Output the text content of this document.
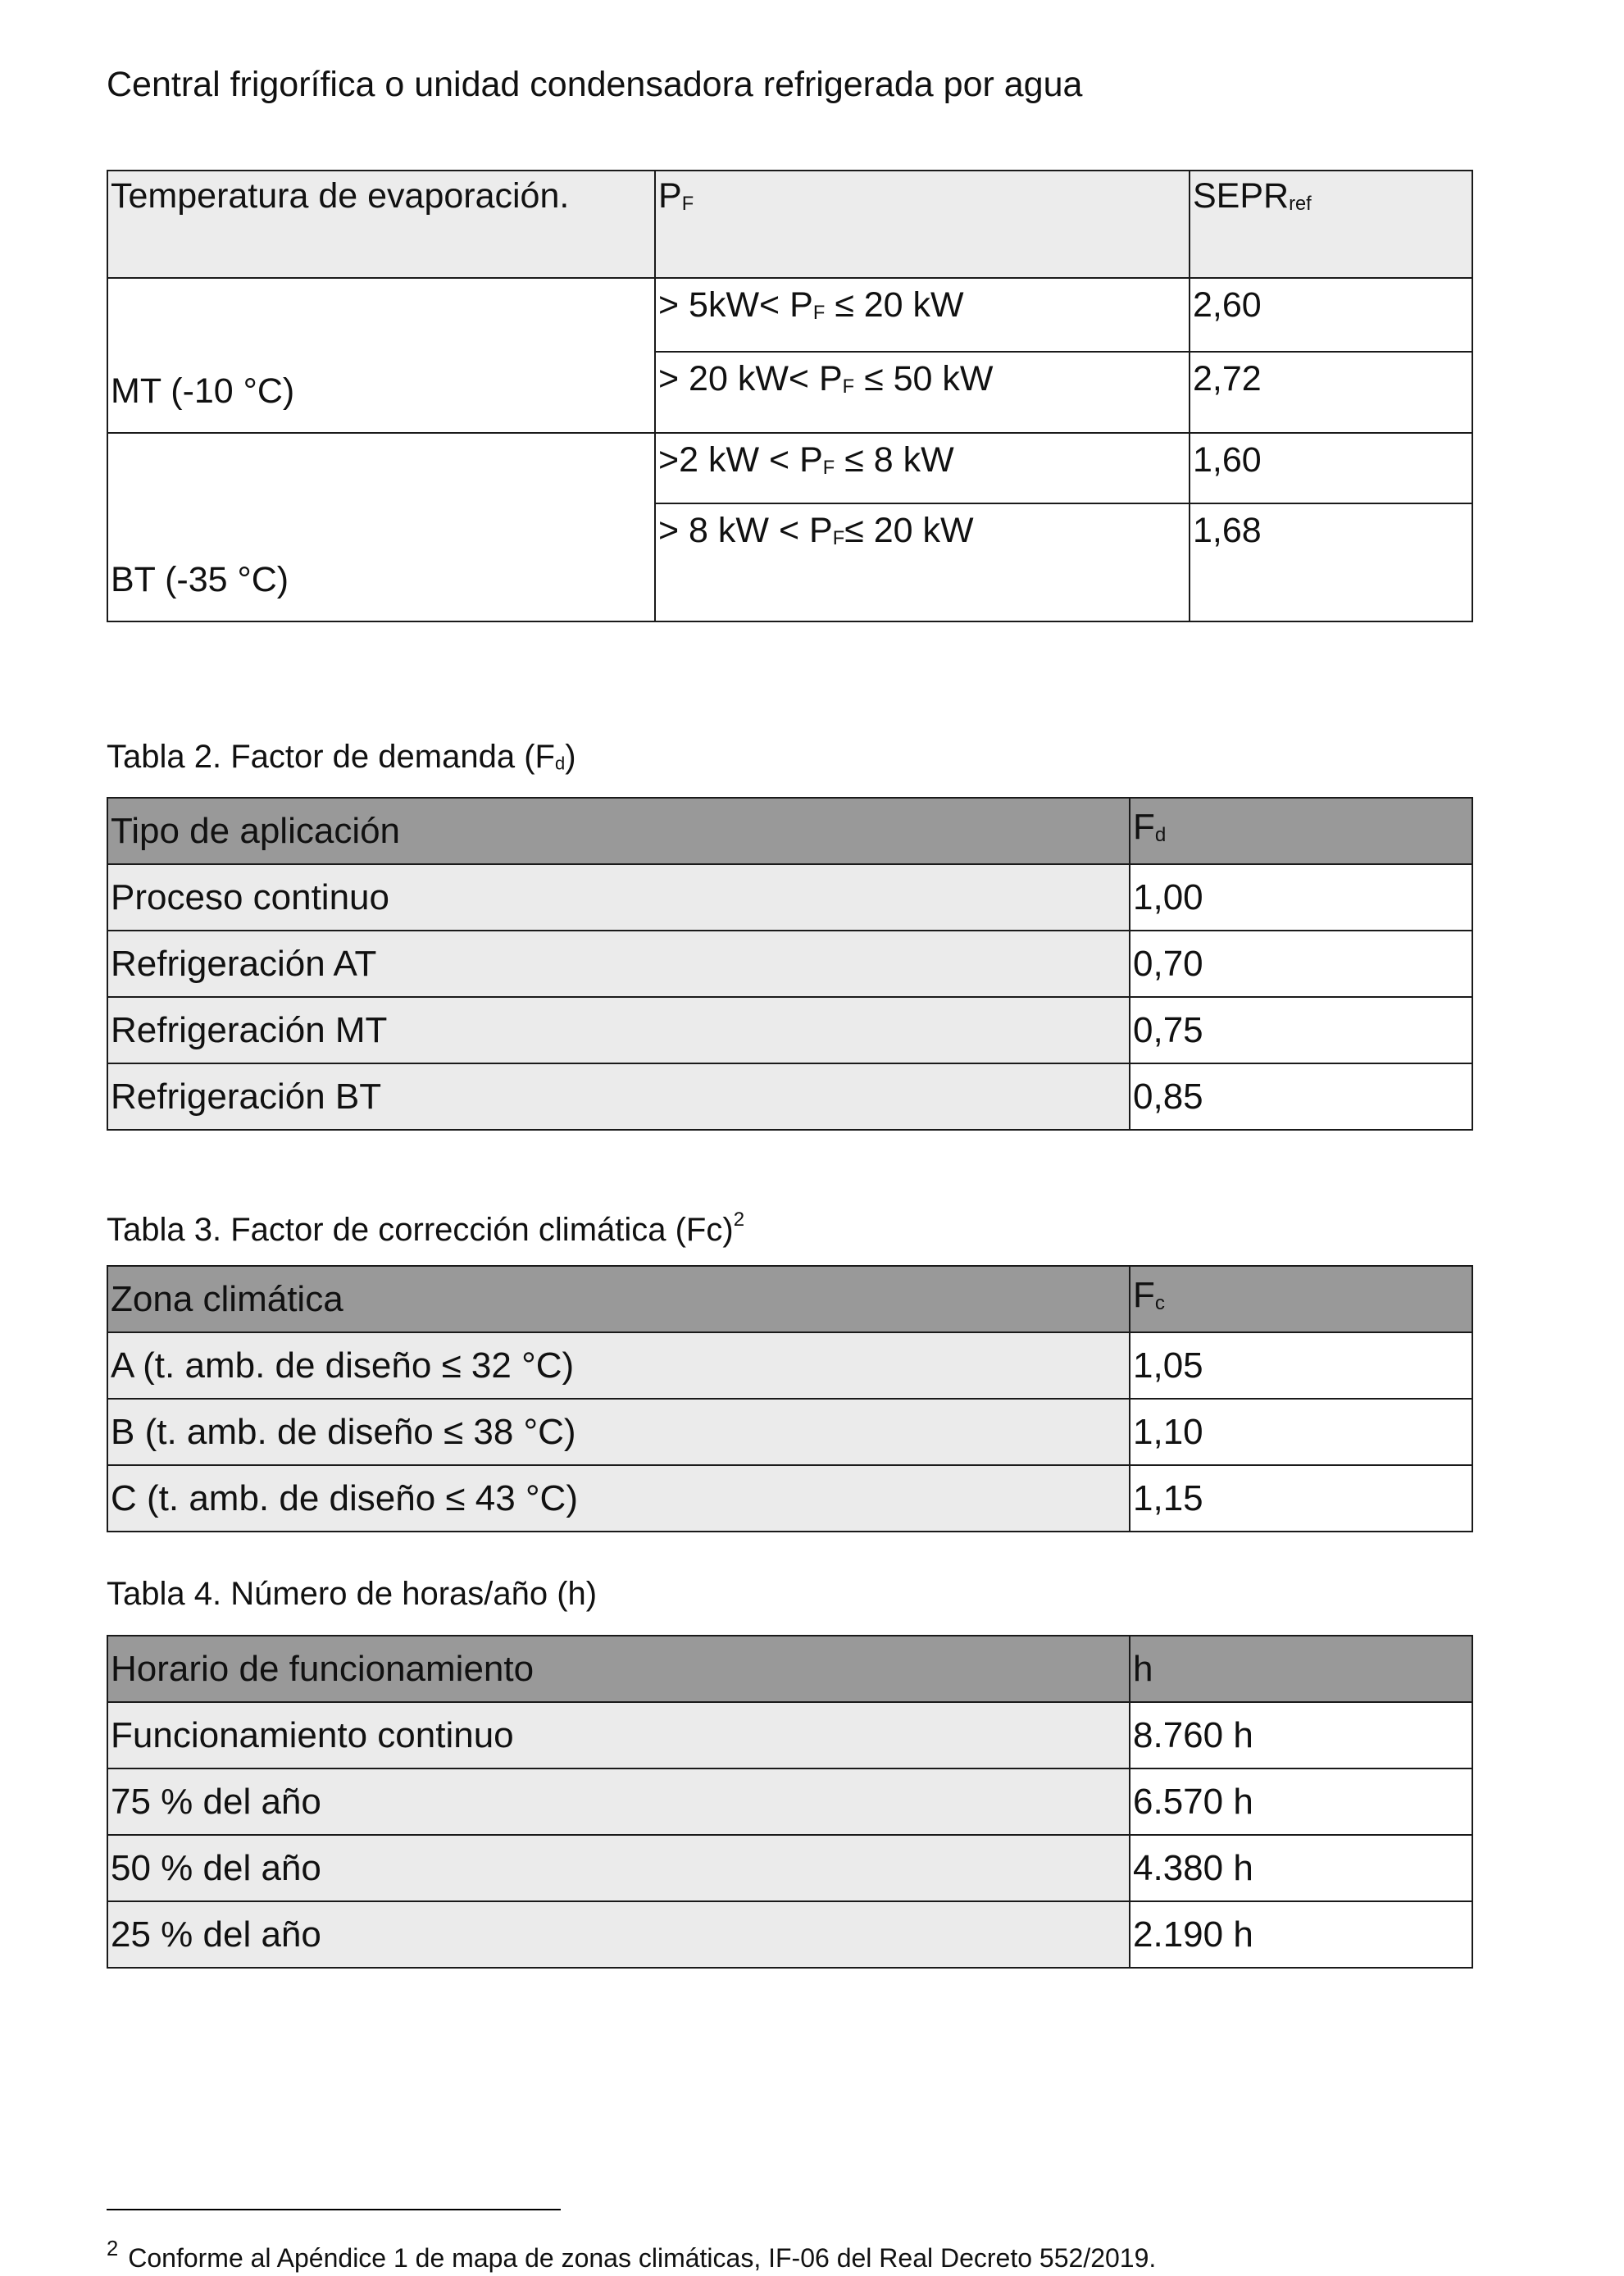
Central frigorífica o unidad condensadora refrigerada por agua
Temperatura de evaporación.	PF	SEPRref
MT (-10 °C)	> 5kW< PF ≤ 20 kW	2,60
	> 20 kW< PF ≤ 50 kW	2,72
BT (-35 °C)	>2 kW < PF ≤ 8 kW	1,60
	> 8 kW < PF≤ 20 kW	1,68
Tabla 2. Factor de demanda (Fd)
Tipo de aplicación	Fd
Proceso continuo	1,00
Refrigeración AT	0,70
Refrigeración MT	0,75
Refrigeración BT	0,85
Tabla 3. Factor de corrección climática $(Fc)^2$
Zona climática	Fc
A (t. amb. de diseño ≤ 32 °C)	1,05
B (t. amb. de diseño ≤ 38 °C)	1,10
C (t. amb. de diseño ≤ 43 °C)	1,15
Tabla 4. Número de horas/año (h)
Horario de funcionamiento	h
Funcionamiento continuo	8.760 h
75 % del año	6.570 h
50 % del año	4.380 h
25 % del año	2.190 h
$^2$ Conforme al Apéndice 1 de mapa de zonas climáticas, IF-06 del Real Decreto 552/2019.
